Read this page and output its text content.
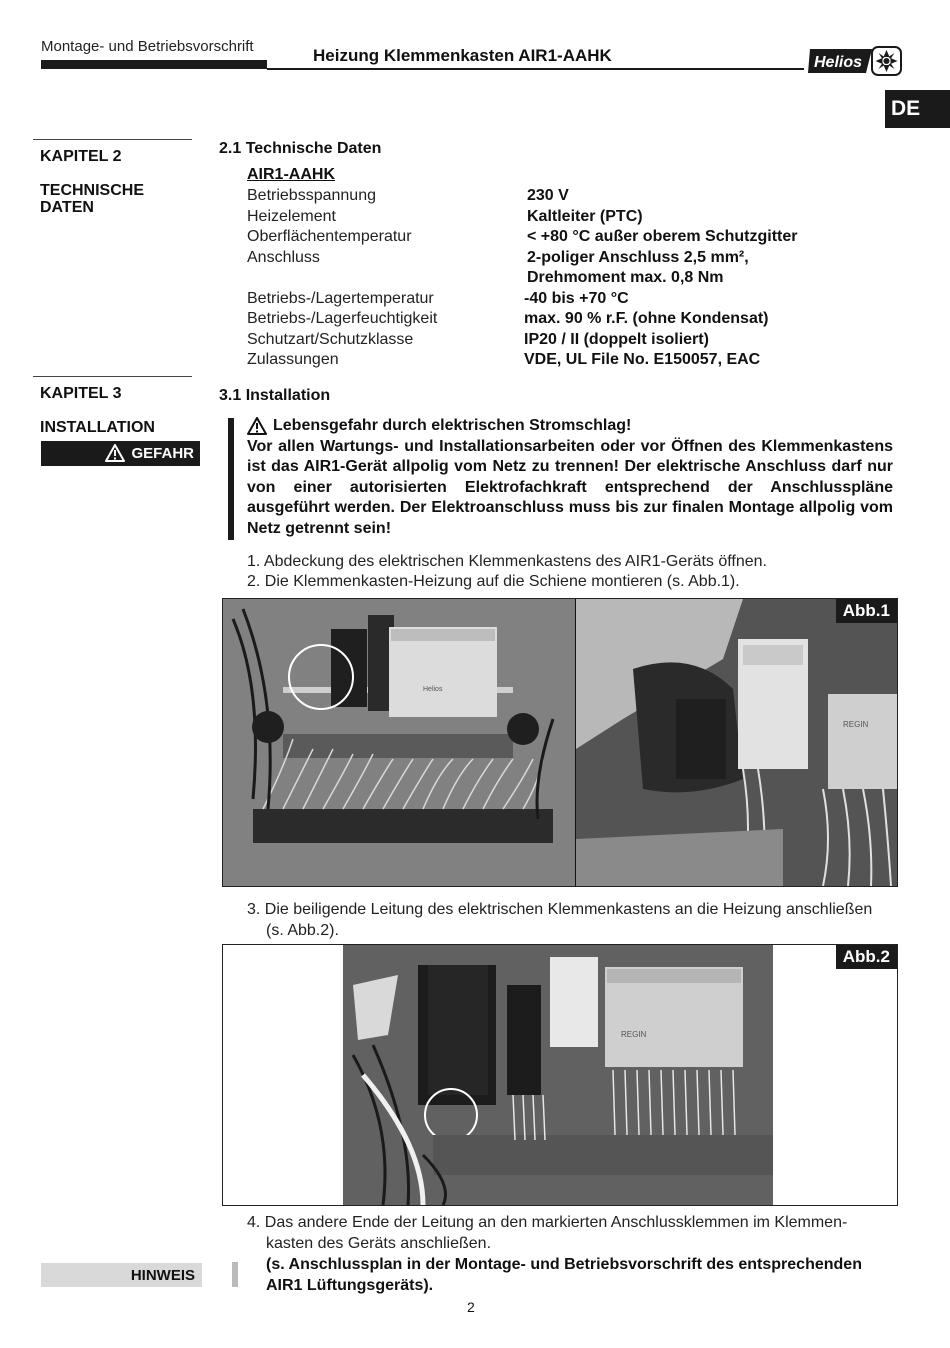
Montage- und Betriebsvorschrift	Heizung Klemmenkasten AIR1-AAHK	Helios
DE
KAPITEL 2
TECHNISCHE
DATEN
KAPITEL 3
INSTALLATION
GEFAHR
2.1 Technische Daten
AIR1-AAHK
Betriebsspannung	230 V
Heizelement	Kaltleiter (PTC)
Oberflächentemperatur	< +80 °C außer oberem Schutzgitter
Anschluss	2-poliger Anschluss 2,5 mm²,
Drehmoment max. 0,8 Nm
Betriebs-/Lagertemperatur	-40 bis +70 °C
Betriebs-/Lagerfeuchtigkeit	max. 90 % r.F. (ohne Kondensat)
Schutzart/Schutzklasse	IP20 / II (doppelt isoliert)
Zulassungen	VDE, UL File No. E150057, EAC
3.1 Installation
Lebensgefahr durch elektrischen Stromschlag!
Vor allen Wartungs- und Installationsarbeiten oder vor Öffnen des Klemmenkastens ist das AIR1-Gerät allpolig vom Netz zu trennen! Der elektrische Anschluss darf nur von einer autorisierten Elektrofachkraft entsprechend der Anschlusspläne ausgeführt werden. Der Elektroanschluss muss bis zur finalen Montage allpolig vom Netz getrennt sein!
1. Abdeckung des elektrischen Klemmenkastens des AIR1-Geräts öffnen.
2. Die Klemmenkasten-Heizung auf die Schiene montieren (s. Abb.1).
Helios
REGIN
Abb.1
3. Die beiligende Leitung des elektrischen Klemmenkastens an die Heizung anschließen
(s. Abb.2).
REGIN
Abb.2
4. Das andere Ende der Leitung an den markierten Anschlussklemmen im Klemmen-
kasten des Geräts anschließen.
HINWEIS
(s. Anschlussplan in der Montage- und Betriebsvorschrift des entsprechenden AIR1 Lüftungsgeräts).
2
